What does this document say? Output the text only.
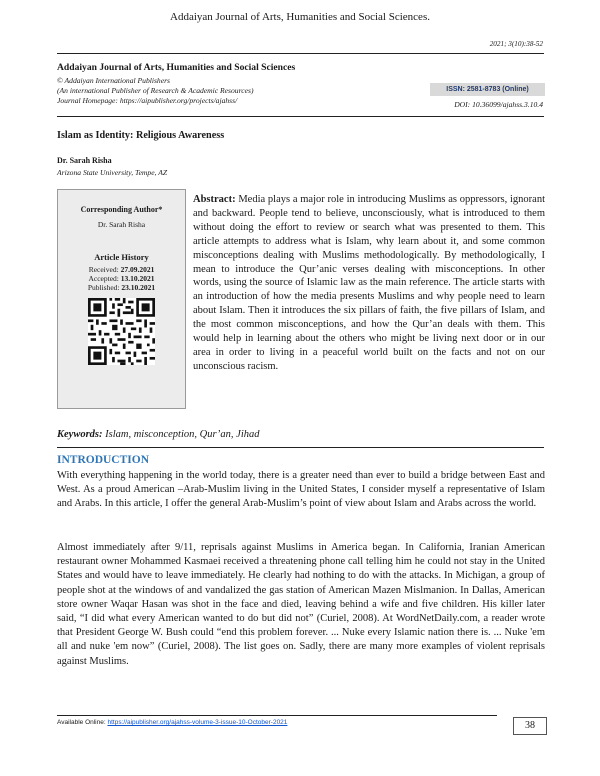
Addaiyan Journal of Arts, Humanities and Social Sciences.
2021; 3(10):38-52
Addaiyan Journal of Arts, Humanities and Social Sciences
© Addaiyan International Publishers
(An international Publisher of Research & Academic Resources)
Journal Homepage: https://aipublisher.org/projects/ajahss/
ISSN: 2581-8783 (Online)
DOI: 10.36099/ajahss.3.10.4
Islam as Identity: Religious Awareness
Dr. Sarah Risha
Arizona State University, Tempe, AZ
Corresponding Author*
Dr. Sarah Risha
Article History
Received: 27.09.2021
Accepted: 13.10.2021
Published: 23.10.2021
Abstract: Media plays a major role in introducing Muslims as oppressors, ignorant and backward. People tend to believe, unconsciously, what is introduced to them without doing the effort to review or search what was presented to them. This article attempts to address what is Islam, why learn about it, and some common misconceptions dealing with Muslims methodologically. By methodologically, I mean to introduce the Qur’anic verses dealing with misconceptions. In other words, using the source of Islamic law as the main reference. The article starts with an introduction of how the media presents Muslims and why people need to learn about Islam. Then it introduces the six pillars of faith, the five pillars of Islam, and the most common misconceptions, and how the Qur’an deals with them. This would help in learning about the others who might be living next door or in our area in order to living in a peaceful world built on the facts and not on our unconscious racism.
Keywords: Islam, misconception, Qur’an, Jihad
INTRODUCTION
With everything happening in the world today, there is a greater need than ever to build a bridge between East and West. As a proud American –Arab-Muslim living in the United States, I consider myself a representative of Islam and Arabs. In this article, I offer the general Arab-Muslim’s point of view about Islam and Arabs across the world.
Almost immediately after 9/11, reprisals against Muslims in America began. In California, Iranian American restaurant owner Mohammed Kasmaei received a threatening phone call telling him he could not stay in the United States and would have to leave immediately. He clearly had nothing to do with the attacks. In Michigan, a group of people shot at the windows of and vandalized the gas station of American Mazen Mislmanion. In Dallas, American store owner Waqar Hasan was shot in the face and died, leaving behind a wife and five children. His killer later said, “I did what every American wanted to do but did not” (Curiel, 2008). At WordNetDaily.com, a reader wrote that President George W. Bush could “end this problem forever. ... Nuke every Islamic nation there is. ... Nuke 'em all and nuke 'em now” (Curiel, 2008). The list goes on. Sadly, there are many more examples of violent reprisals against Muslims.
Available Online: https://aipublisher.org/ajahss-volume-3-issue-10-October-2021	38
